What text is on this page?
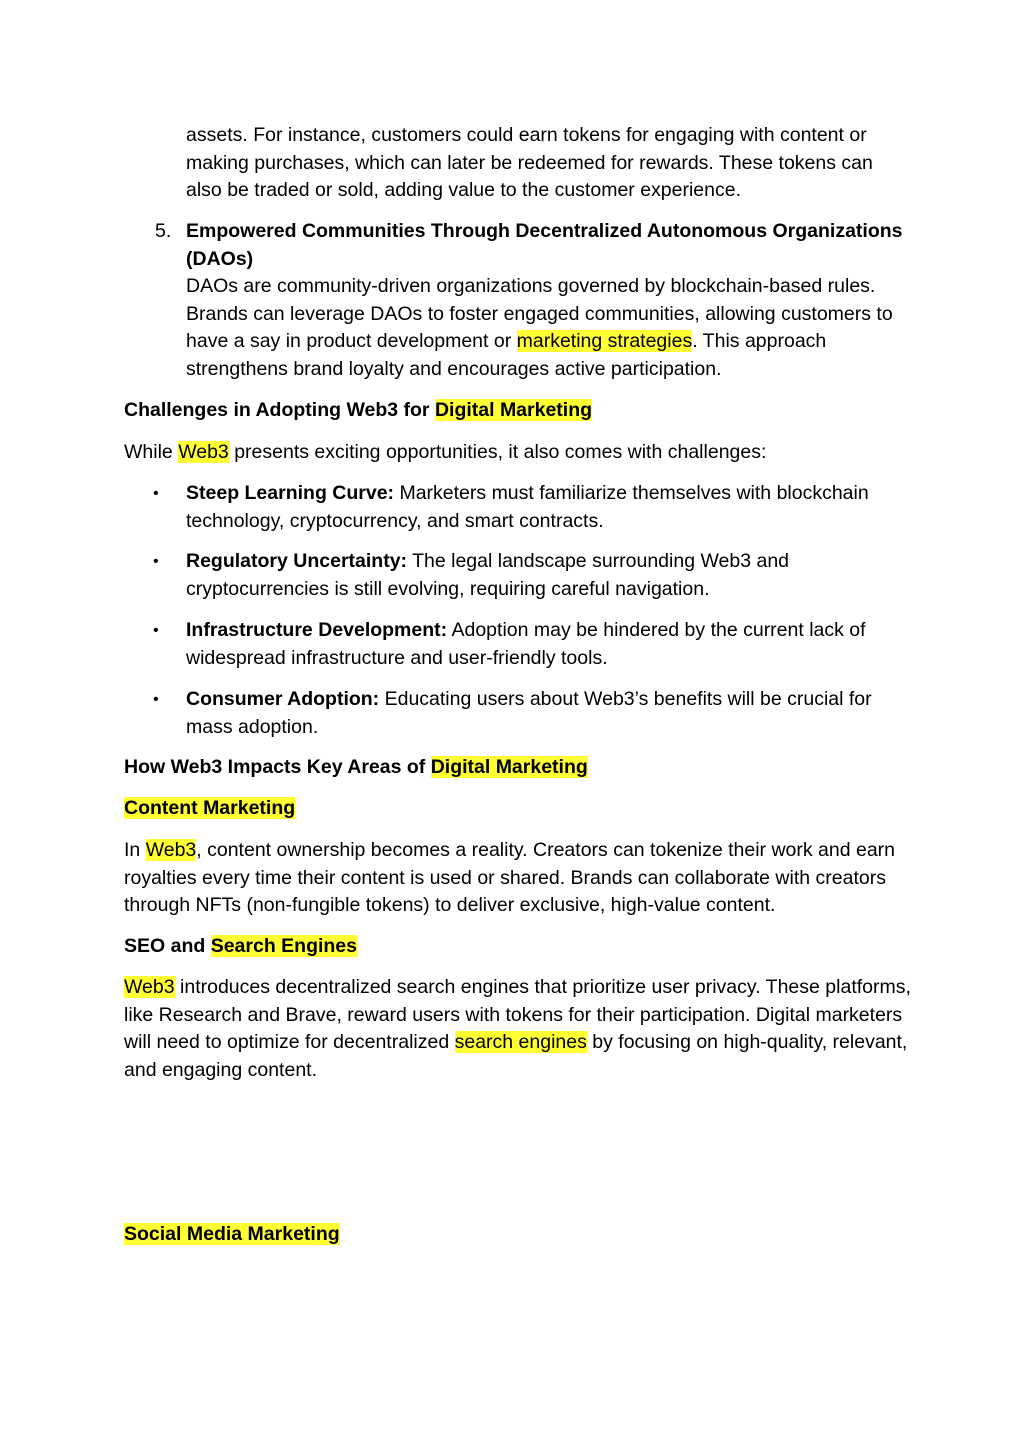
assets. For instance, customers could earn tokens for engaging with content or making purchases, which can later be redeemed for rewards. These tokens can also be traded or sold, adding value to the customer experience.

5. Empowered Communities Through Decentralized Autonomous Organizations (DAOs)
DAOs are community-driven organizations governed by blockchain-based rules. Brands can leverage DAOs to foster engaged communities, allowing customers to have a say in product development or marketing strategies. This approach strengthens brand loyalty and encourages active participation.

Challenges in Adopting Web3 for Digital Marketing

While Web3 presents exciting opportunities, it also comes with challenges:

• Steep Learning Curve: Marketers must familiarize themselves with blockchain technology, cryptocurrency, and smart contracts.

• Regulatory Uncertainty: The legal landscape surrounding Web3 and cryptocurrencies is still evolving, requiring careful navigation.

• Infrastructure Development: Adoption may be hindered by the current lack of widespread infrastructure and user-friendly tools.

• Consumer Adoption: Educating users about Web3’s benefits will be crucial for mass adoption.

How Web3 Impacts Key Areas of Digital Marketing

Content Marketing

In Web3, content ownership becomes a reality. Creators can tokenize their work and earn royalties every time their content is used or shared. Brands can collaborate with creators through NFTs (non-fungible tokens) to deliver exclusive, high-value content.

SEO and Search Engines

Web3 introduces decentralized search engines that prioritize user privacy. These platforms, like Research and Brave, reward users with tokens for their participation. Digital marketers will need to optimize for decentralized search engines by focusing on high-quality, relevant, and engaging content.

Social Media Marketing
